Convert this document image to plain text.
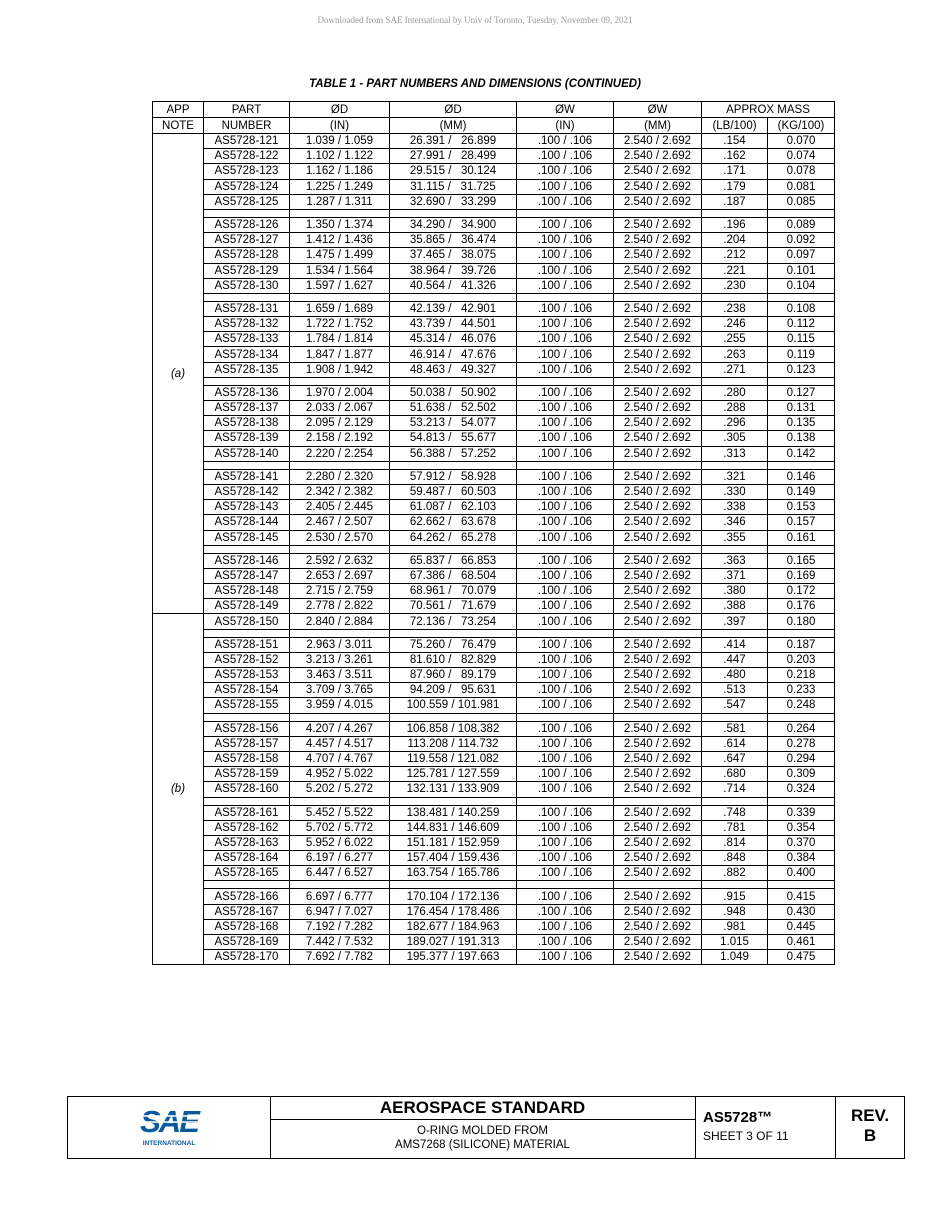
Downloaded from SAE International by Univ of Toronto, Tuesday, November 09, 2021
TABLE 1 - PART NUMBERS AND DIMENSIONS (CONTINUED)
APP	PART	ØD	ØD	ØW	ØW	APPROX MASS	
NOTE	NUMBER	(IN)	(MM)	(IN)	(MM)	(LB/100)	(KG/100)
(a)	AS5728-121	1.039 / 1.059	26.391 /   26.899	.100 / .106	2.540 / 2.692	.154	0.070
	AS5728-122	1.102 / 1.122	27.991 /   28.499	.100 / .106	2.540 / 2.692	.162	0.074
	AS5728-123	1.162 / 1.186	29.515 /   30.124	.100 / .106	2.540 / 2.692	.171	0.078
	AS5728-124	1.225 / 1.249	31.115 /   31.725	.100 / .106	2.540 / 2.692	.179	0.081
	AS5728-125	1.287 / 1.311	32.690 /   33.299	.100 / .106	2.540 / 2.692	.187	0.085

	AS5728-126	1.350 / 1.374	34.290 /   34.900	.100 / .106	2.540 / 2.692	.196	0.089
	AS5728-127	1.412 / 1.436	35.865 /   36.474	.100 / .106	2.540 / 2.692	.204	0.092
	AS5728-128	1.475 / 1.499	37.465 /   38.075	.100 / .106	2.540 / 2.692	.212	0.097
	AS5728-129	1.534 / 1.564	38.964 /   39.726	.100 / .106	2.540 / 2.692	.221	0.101
	AS5728-130	1.597 / 1.627	40.564 /   41.326	.100 / .106	2.540 / 2.692	.230	0.104

	AS5728-131	1.659 / 1.689	42.139 /   42.901	.100 / .106	2.540 / 2.692	.238	0.108
	AS5728-132	1.722 / 1.752	43.739 /   44.501	.100 / .106	2.540 / 2.692	.246	0.112
	AS5728-133	1.784 / 1.814	45.314 /   46.076	.100 / .106	2.540 / 2.692	.255	0.115
	AS5728-134	1.847 / 1.877	46.914 /   47.676	.100 / .106	2.540 / 2.692	.263	0.119
	AS5728-135	1.908 / 1.942	48.463 /   49.327	.100 / .106	2.540 / 2.692	.271	0.123

	AS5728-136	1.970 / 2.004	50.038 /   50.902	.100 / .106	2.540 / 2.692	.280	0.127
	AS5728-137	2.033 / 2.067	51.638 /   52.502	.100 / .106	2.540 / 2.692	.288	0.131
	AS5728-138	2.095 / 2.129	53.213 /   54.077	.100 / .106	2.540 / 2.692	.296	0.135
	AS5728-139	2.158 / 2.192	54.813 /   55.677	.100 / .106	2.540 / 2.692	.305	0.138
	AS5728-140	2.220 / 2.254	56.388 /   57.252	.100 / .106	2.540 / 2.692	.313	0.142

	AS5728-141	2.280 / 2.320	57.912 /   58.928	.100 / .106	2.540 / 2.692	.321	0.146
	AS5728-142	2.342 / 2.382	59.487 /   60.503	.100 / .106	2.540 / 2.692	.330	0.149
	AS5728-143	2.405 / 2.445	61.087 /   62.103	.100 / .106	2.540 / 2.692	.338	0.153
	AS5728-144	2.467 / 2.507	62.662 /   63.678	.100 / .106	2.540 / 2.692	.346	0.157
	AS5728-145	2.530 / 2.570	64.262 /   65.278	.100 / .106	2.540 / 2.692	.355	0.161

	AS5728-146	2.592 / 2.632	65.837 /   66.853	.100 / .106	2.540 / 2.692	.363	0.165
	AS5728-147	2.653 / 2.697	67.386 /   68.504	.100 / .106	2.540 / 2.692	.371	0.169
	AS5728-148	2.715 / 2.759	68.961 /   70.079	.100 / .106	2.540 / 2.692	.380	0.172
	AS5728-149	2.778 / 2.822	70.561 /   71.679	.100 / .106	2.540 / 2.692	.388	0.176
(b)	AS5728-150	2.840 / 2.884	72.136 /   73.254	.100 / .106	2.540 / 2.692	.397	0.180

	AS5728-151	2.963 / 3.011	75.260 /   76.479	.100 / .106	2.540 / 2.692	.414	0.187
	AS5728-152	3.213 / 3.261	81.610 /   82.829	.100 / .106	2.540 / 2.692	.447	0.203
	AS5728-153	3.463 / 3.511	87.960 /   89.179	.100 / .106	2.540 / 2.692	.480	0.218
	AS5728-154	3.709 / 3.765	94.209 /   95.631	.100 / .106	2.540 / 2.692	.513	0.233
	AS5728-155	3.959 / 4.015	100.559 / 101.981	.100 / .106	2.540 / 2.692	.547	0.248

	AS5728-156	4.207 / 4.267	106.858 / 108.382	.100 / .106	2.540 / 2.692	.581	0.264
	AS5728-157	4.457 / 4.517	113.208 / 114.732	.100 / .106	2.540 / 2.692	.614	0.278
	AS5728-158	4.707 / 4.767	119.558 / 121.082	.100 / .106	2.540 / 2.692	.647	0.294
	AS5728-159	4.952 / 5.022	125.781 / 127.559	.100 / .106	2.540 / 2.692	.680	0.309
	AS5728-160	5.202 / 5.272	132.131 / 133.909	.100 / .106	2.540 / 2.692	.714	0.324

	AS5728-161	5.452 / 5.522	138.481 / 140.259	.100 / .106	2.540 / 2.692	.748	0.339
	AS5728-162	5.702 / 5.772	144.831 / 146.609	.100 / .106	2.540 / 2.692	.781	0.354
	AS5728-163	5.952 / 6.022	151.181 / 152.959	.100 / .106	2.540 / 2.692	.814	0.370
	AS5728-164	6.197 / 6.277	157.404 / 159.436	.100 / .106	2.540 / 2.692	.848	0.384
	AS5728-165	6.447 / 6.527	163.754 / 165.786	.100 / .106	2.540 / 2.692	.882	0.400

	AS5728-166	6.697 / 6.777	170.104 / 172.136	.100 / .106	2.540 / 2.692	.915	0.415
	AS5728-167	6.947 / 7.027	176.454 / 178.486	.100 / .106	2.540 / 2.692	.948	0.430
	AS5728-168	7.192 / 7.282	182.677 / 184.963	.100 / .106	2.540 / 2.692	.981	0.445
	AS5728-169	7.442 / 7.532	189.027 / 191.313	.100 / .106	2.540 / 2.692	1.015	0.461
	AS5728-170	7.692 / 7.782	195.377 / 197.663	.100 / .106	2.540 / 2.692	1.049	0.475
SAE
INTERNATIONAL
AEROSPACE STANDARD
O-RING MOLDED FROM
AMS7268 (SILICONE) MATERIAL
AS5728™
SHEET 3 OF 11
REV.
B
